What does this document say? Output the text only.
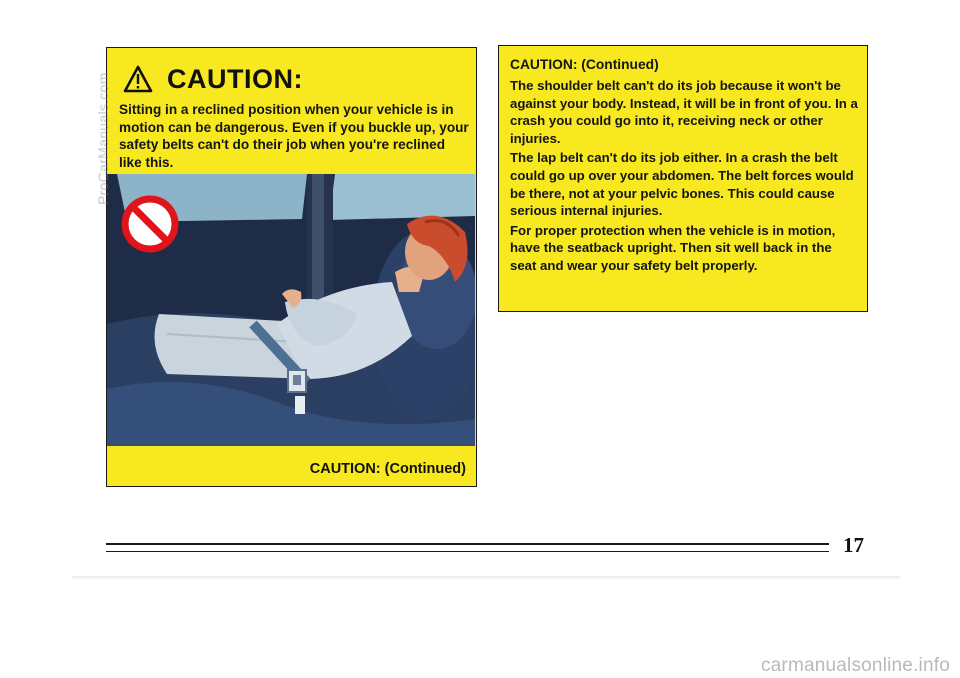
CAUTION:

Sitting in a reclined position when your vehicle is in motion can be dangerous. Even if you buckle up, your safety belts can't do their job when you're reclined like this.

CAUTION: (Continued)
CAUTION: (Continued)

The shoulder belt can't do its job because it won't be against your body. Instead, it will be in front of you. In a crash you could go into it, receiving neck or other injuries.

The lap belt can't do its job either. In a crash the belt could go up over your abdomen. The belt forces would be there, not at your pelvic bones. This could cause serious internal injuries.

For proper protection when the vehicle is in motion, have the seatback upright. Then sit well back in the seat and wear your safety belt properly.

17
ProCarManuals.com
carmanualsonline.info
